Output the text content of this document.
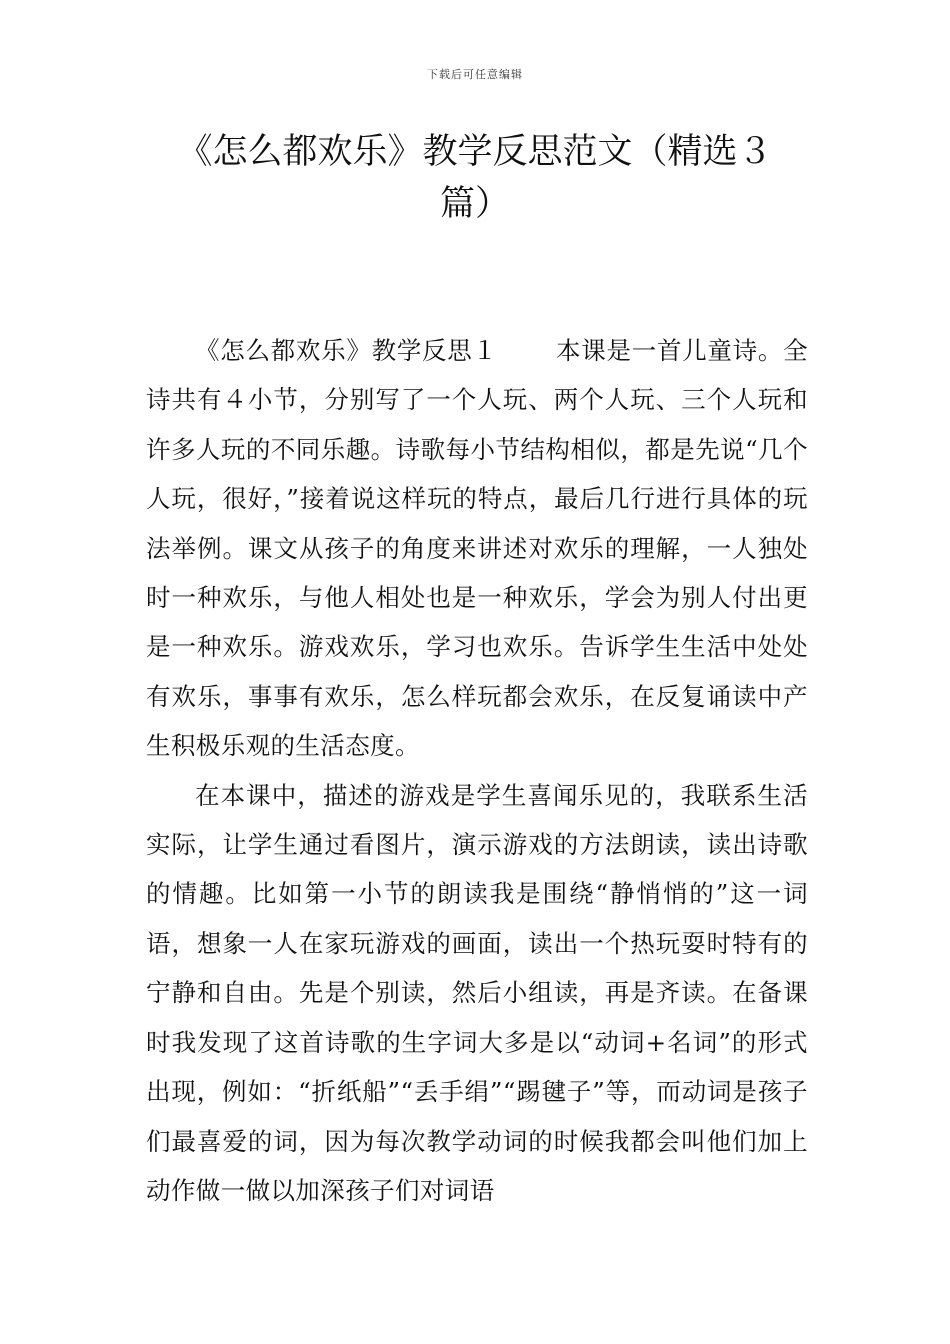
下载后可任意编辑
《怎么都欢乐》教学反思范文（精选３
篇）

《怎么都欢乐》教学反思１ 本课是一首儿童诗。全诗共有４小节，分别写了一个人玩、两个人玩、三个人玩和许多人玩的不同乐趣。诗歌每小节结构相似，都是先说“几个人玩，很好，”接着说这样玩的特点，最后几行进行具体的玩法举例。课文从孩子的角度来讲述对欢乐的理解，一人独处时一种欢乐，与他人相处也是一种欢乐，学会为别人付出更是一种欢乐。游戏欢乐，学习也欢乐。告诉学生生活中处处有欢乐，事事有欢乐，怎么样玩都会欢乐，在反复诵读中产生积极乐观的生活态度。

在本课中，描述的游戏是学生喜闻乐见的，我联系生活实际，让学生通过看图片，演示游戏的方法朗读，读出诗歌的情趣。比如第一小节的朗读我是围绕“静悄悄的”这一词语，想象一人在家玩游戏的画面，读出一个热玩耍时特有的宁静和自由。先是个别读，然后小组读，再是齐读。在备课时我发现了这首诗歌的生字词大多是以“动词+名词”的形式出现，例如：“折纸船”“丢手绢”“踢毽子”等，而动词是孩子们最喜爱的词，因为每次教学动词的时候我都会叫他们加上动作做一做以加深孩子们对词语
